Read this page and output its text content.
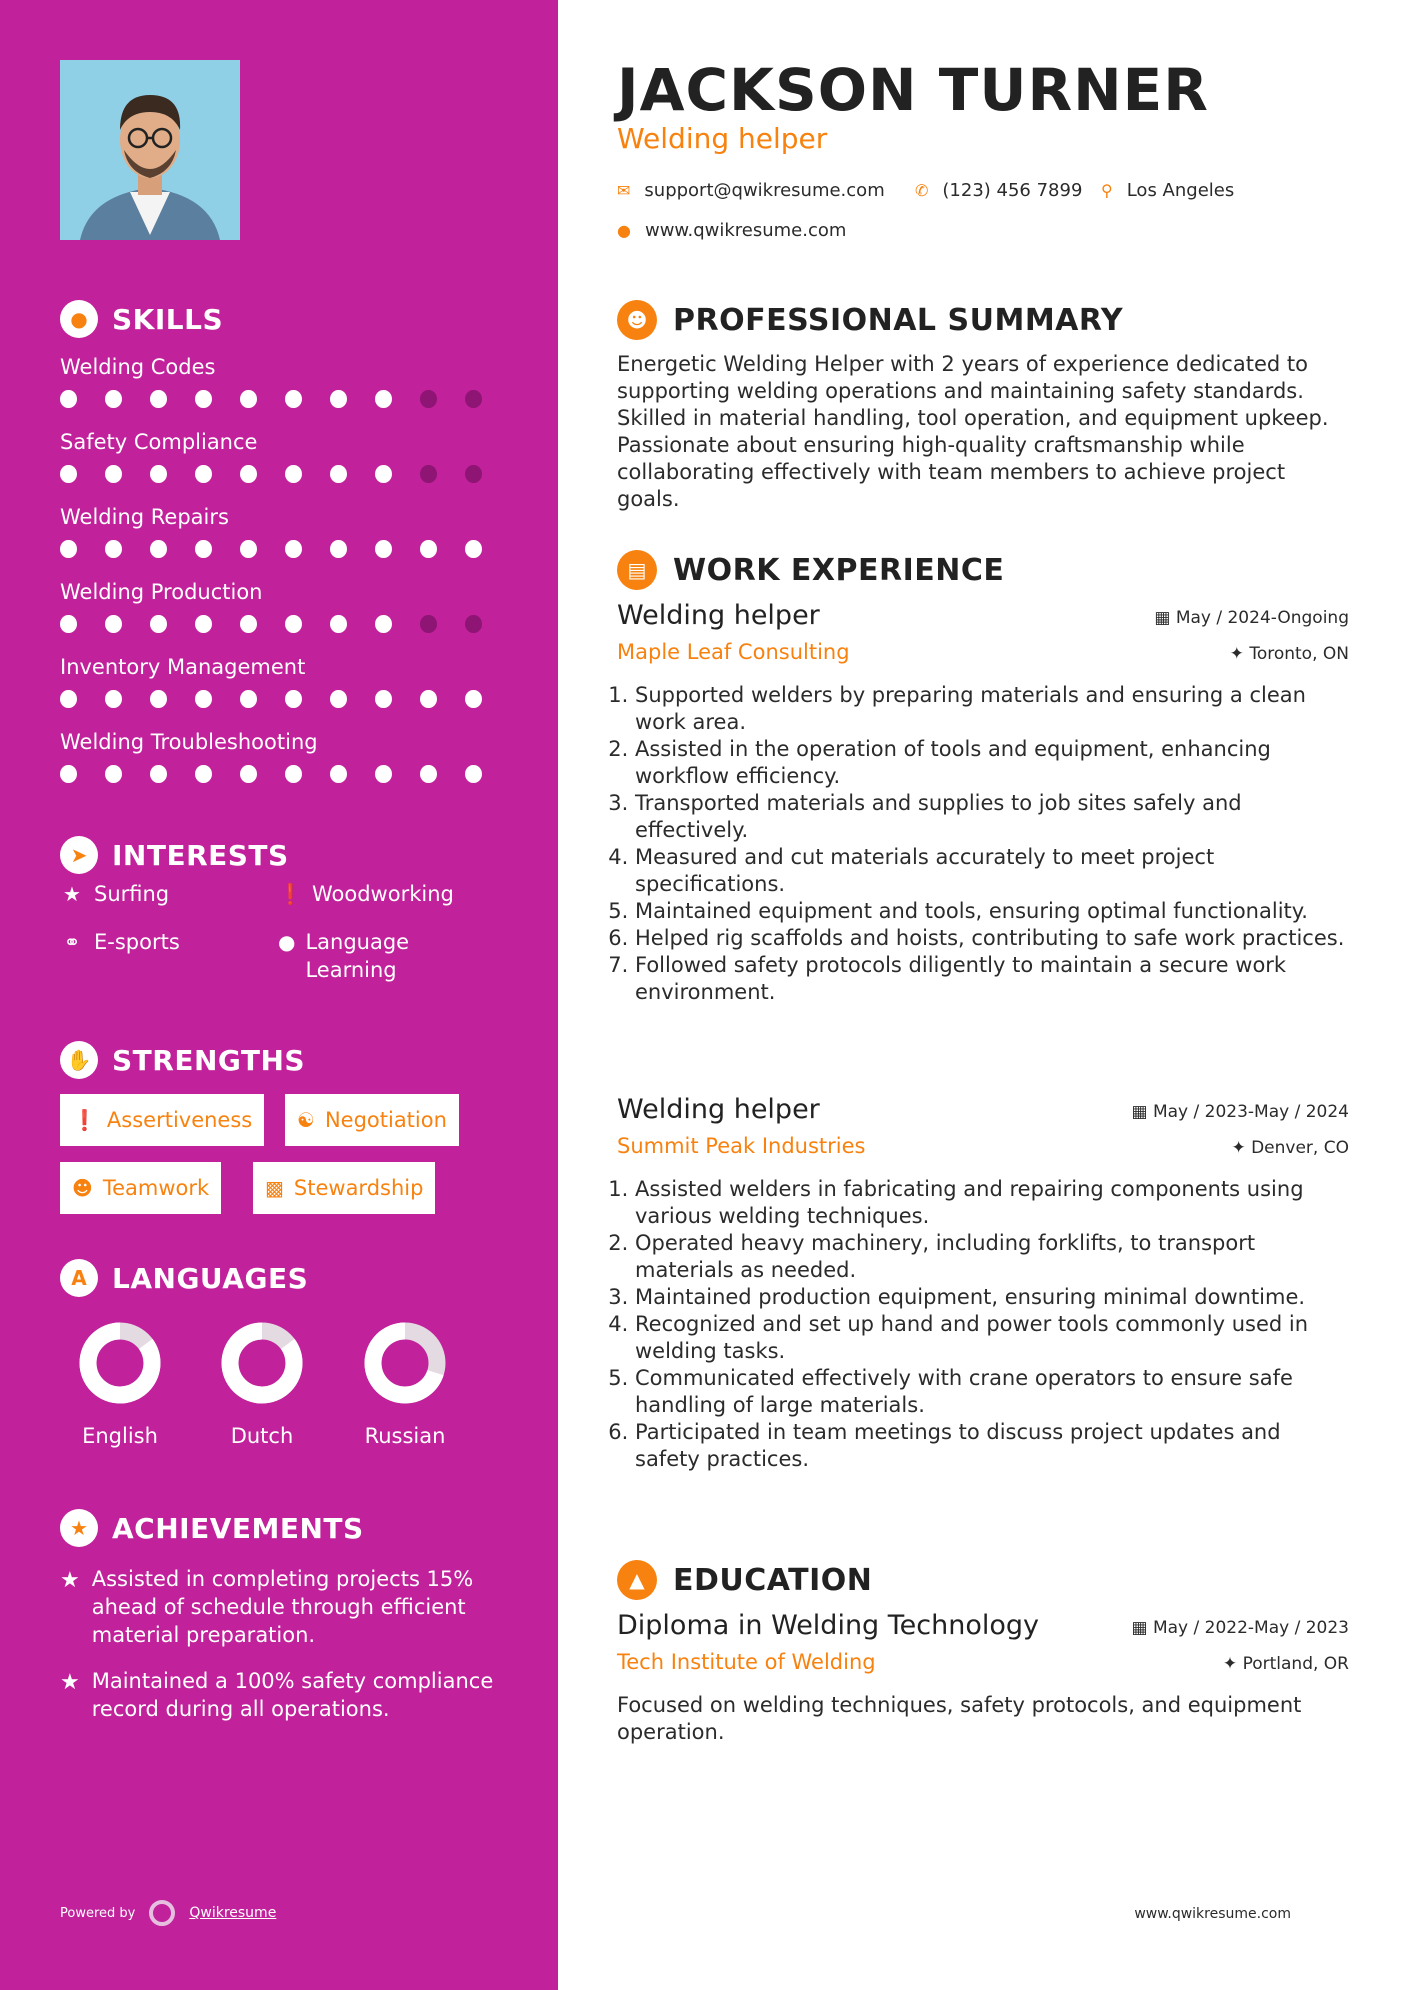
● SKILLS
Welding Codes
Safety Compliance
Welding Repairs
Welding Production
Inventory Management
Welding Troubleshooting
➤ INTERESTS
★ Surfing	❗ Woodworking
⚭ E-sports	● Language Learning
✋ STRENGTHS
❗ Assertiveness ☯ Negotiation
☻ Teamwork	▩ Stewardship
A LANGUAGES
English	Dutch	Russian
★ ACHIEVEMENTS
★ Assisted in completing projects 15% ahead of schedule through efficient material preparation.
★ Maintained a 100% safety compliance record during all operations.
Powered by	Qwikresume
JACKSON TURNER
Welding helper
✉ support@qwikresume.com ✆ (123) 456 7899 ⚲ Los Angeles
● www.qwikresume.com
☻ PROFESSIONAL SUMMARY

Energetic Welding Helper with 2 years of experience dedicated to supporting welding operations and maintaining safety standards. Skilled in material handling, tool operation, and equipment upkeep. Passionate about ensuring high-quality craftsmanship while collaborating effectively with team members to achieve project goals.

▤ WORK EXPERIENCE
Welding helper	▦ May / 2024-Ongoing
Maple Leaf Consulting	✦ Toronto, ON
1. Supported welders by preparing materials and ensuring a clean work area.
2. Assisted in the operation of tools and equipment, enhancing workflow efficiency.
3. Transported materials and supplies to job sites safely and effectively.
4. Measured and cut materials accurately to meet project specifications.
5. Maintained equipment and tools, ensuring optimal functionality.
6. Helped rig scaffolds and hoists, contributing to safe work practices.
7. Followed safety protocols diligently to maintain a secure work environment.
Welding helper	▦ May / 2023-May / 2024
Summit Peak Industries	✦ Denver, CO
1. Assisted welders in fabricating and repairing components using various welding techniques.
2. Operated heavy machinery, including forklifts, to transport materials as needed.
3. Maintained production equipment, ensuring minimal downtime.
4. Recognized and set up hand and power tools commonly used in welding tasks.
5. Communicated effectively with crane operators to ensure safe handling of large materials.
6. Participated in team meetings to discuss project updates and safety practices.
▲ EDUCATION
Diploma in Welding Technology	▦ May / 2022-May / 2023
Tech Institute of Welding	✦ Portland, OR

Focused on welding techniques, safety protocols, and equipment operation.

www.qwikresume.com
